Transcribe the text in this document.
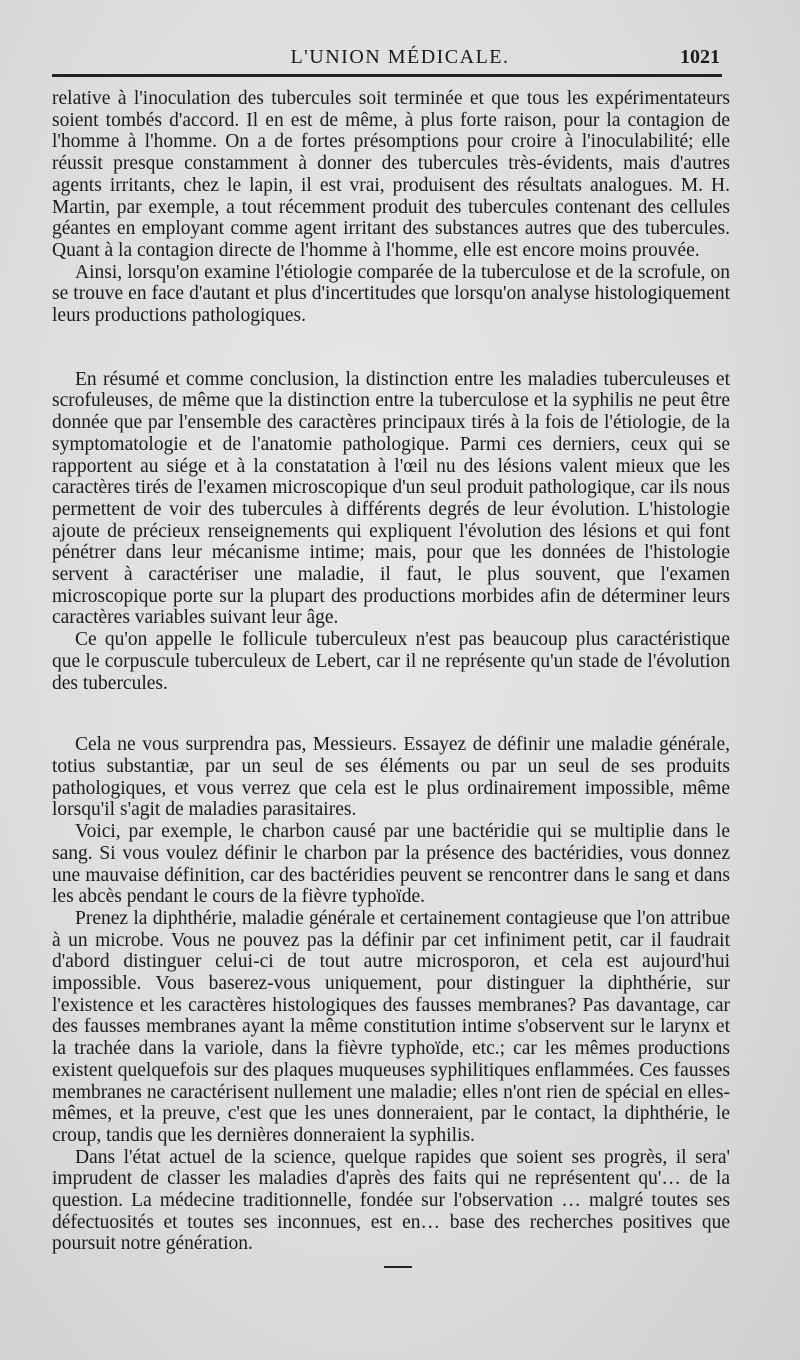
L'UNION MÉDICALE.	1021

relative à l'inoculation des tubercules soit terminée et que tous les expérimentateurs soient tombés d'accord. Il en est de même, à plus forte raison, pour la contagion de l'homme à l'homme. On a de fortes présomptions pour croire à l'inoculabilité; elle réussit presque constamment à donner des tubercules très-évidents, mais d'autres agents irritants, chez le lapin, il est vrai, produisent des résultats analogues. M. H. Martin, par exemple, a tout récemment produit des tubercules contenant des cellules géantes en employant comme agent irritant des substances autres que des tubercules. Quant à la contagion directe de l'homme à l'homme, elle est encore moins prouvée.

Ainsi, lorsqu'on examine l'étiologie comparée de la tuberculose et de la scrofule, on se trouve en face d'autant et plus d'incertitudes que lorsqu'on analyse histologiquement leurs productions pathologiques.

En résumé et comme conclusion, la distinction entre les maladies tuberculeuses et scrofuleuses, de même que la distinction entre la tuberculose et la syphilis ne peut être donnée que par l'ensemble des caractères principaux tirés à la fois de l'étiologie, de la symptomatologie et de l'anatomie pathologique. Parmi ces derniers, ceux qui se rapportent au siége et à la constatation à l'œil nu des lésions valent mieux que les caractères tirés de l'examen microscopique d'un seul produit pathologique, car ils nous permettent de voir des tubercules à différents degrés de leur évolution. L'histologie ajoute de précieux renseignements qui expliquent l'évolution des lésions et qui font pénétrer dans leur mécanisme intime; mais, pour que les données de l'histologie servent à caractériser une maladie, il faut, le plus souvent, que l'examen microscopique porte sur la plupart des productions morbides afin de déterminer leurs caractères variables suivant leur âge.

Ce qu'on appelle le follicule tuberculeux n'est pas beaucoup plus caractéristique que le corpuscule tuberculeux de Lebert, car il ne représente qu'un stade de l'évolution des tubercules.

Cela ne vous surprendra pas, Messieurs. Essayez de définir une maladie générale, totius substantiæ, par un seul de ses éléments ou par un seul de ses produits pathologiques, et vous verrez que cela est le plus ordinairement impossible, même lorsqu'il s'agit de maladies parasitaires.

Voici, par exemple, le charbon causé par une bactéridie qui se multiplie dans le sang. Si vous voulez définir le charbon par la présence des bactéridies, vous donnez une mauvaise définition, car des bactéridies peuvent se rencontrer dans le sang et dans les abcès pendant le cours de la fièvre typhoïde.

Prenez la diphthérie, maladie générale et certainement contagieuse que l'on attribue à un microbe. Vous ne pouvez pas la définir par cet infiniment petit, car il faudrait d'abord distinguer celui-ci de tout autre microsporon, et cela est aujourd'hui impossible. Vous baserez-vous uniquement, pour distinguer la diphthérie, sur l'existence et les caractères histologiques des fausses membranes? Pas davantage, car des fausses membranes ayant la même constitution intime s'observent sur le larynx et la trachée dans la variole, dans la fièvre typhoïde, etc.; car les mêmes productions existent quelquefois sur des plaques muqueuses syphilitiques enflammées. Ces fausses membranes ne caractérisent nullement une maladie; elles n'ont rien de spécial en elles-mêmes, et la preuve, c'est que les unes donneraient, par le contact, la diphthérie, le croup, tandis que les dernières donneraient la syphilis.

Dans l'état actuel de la science, quelque rapides que soient ses progrès, il sera' imprudent de classer les maladies d'après des faits qui ne représentent qu'… de la question. La médecine traditionnelle, fondée sur l'observation … malgré toutes ses défectuosités et toutes ses inconnues, est en… base des recherches positives que poursuit notre génération.
